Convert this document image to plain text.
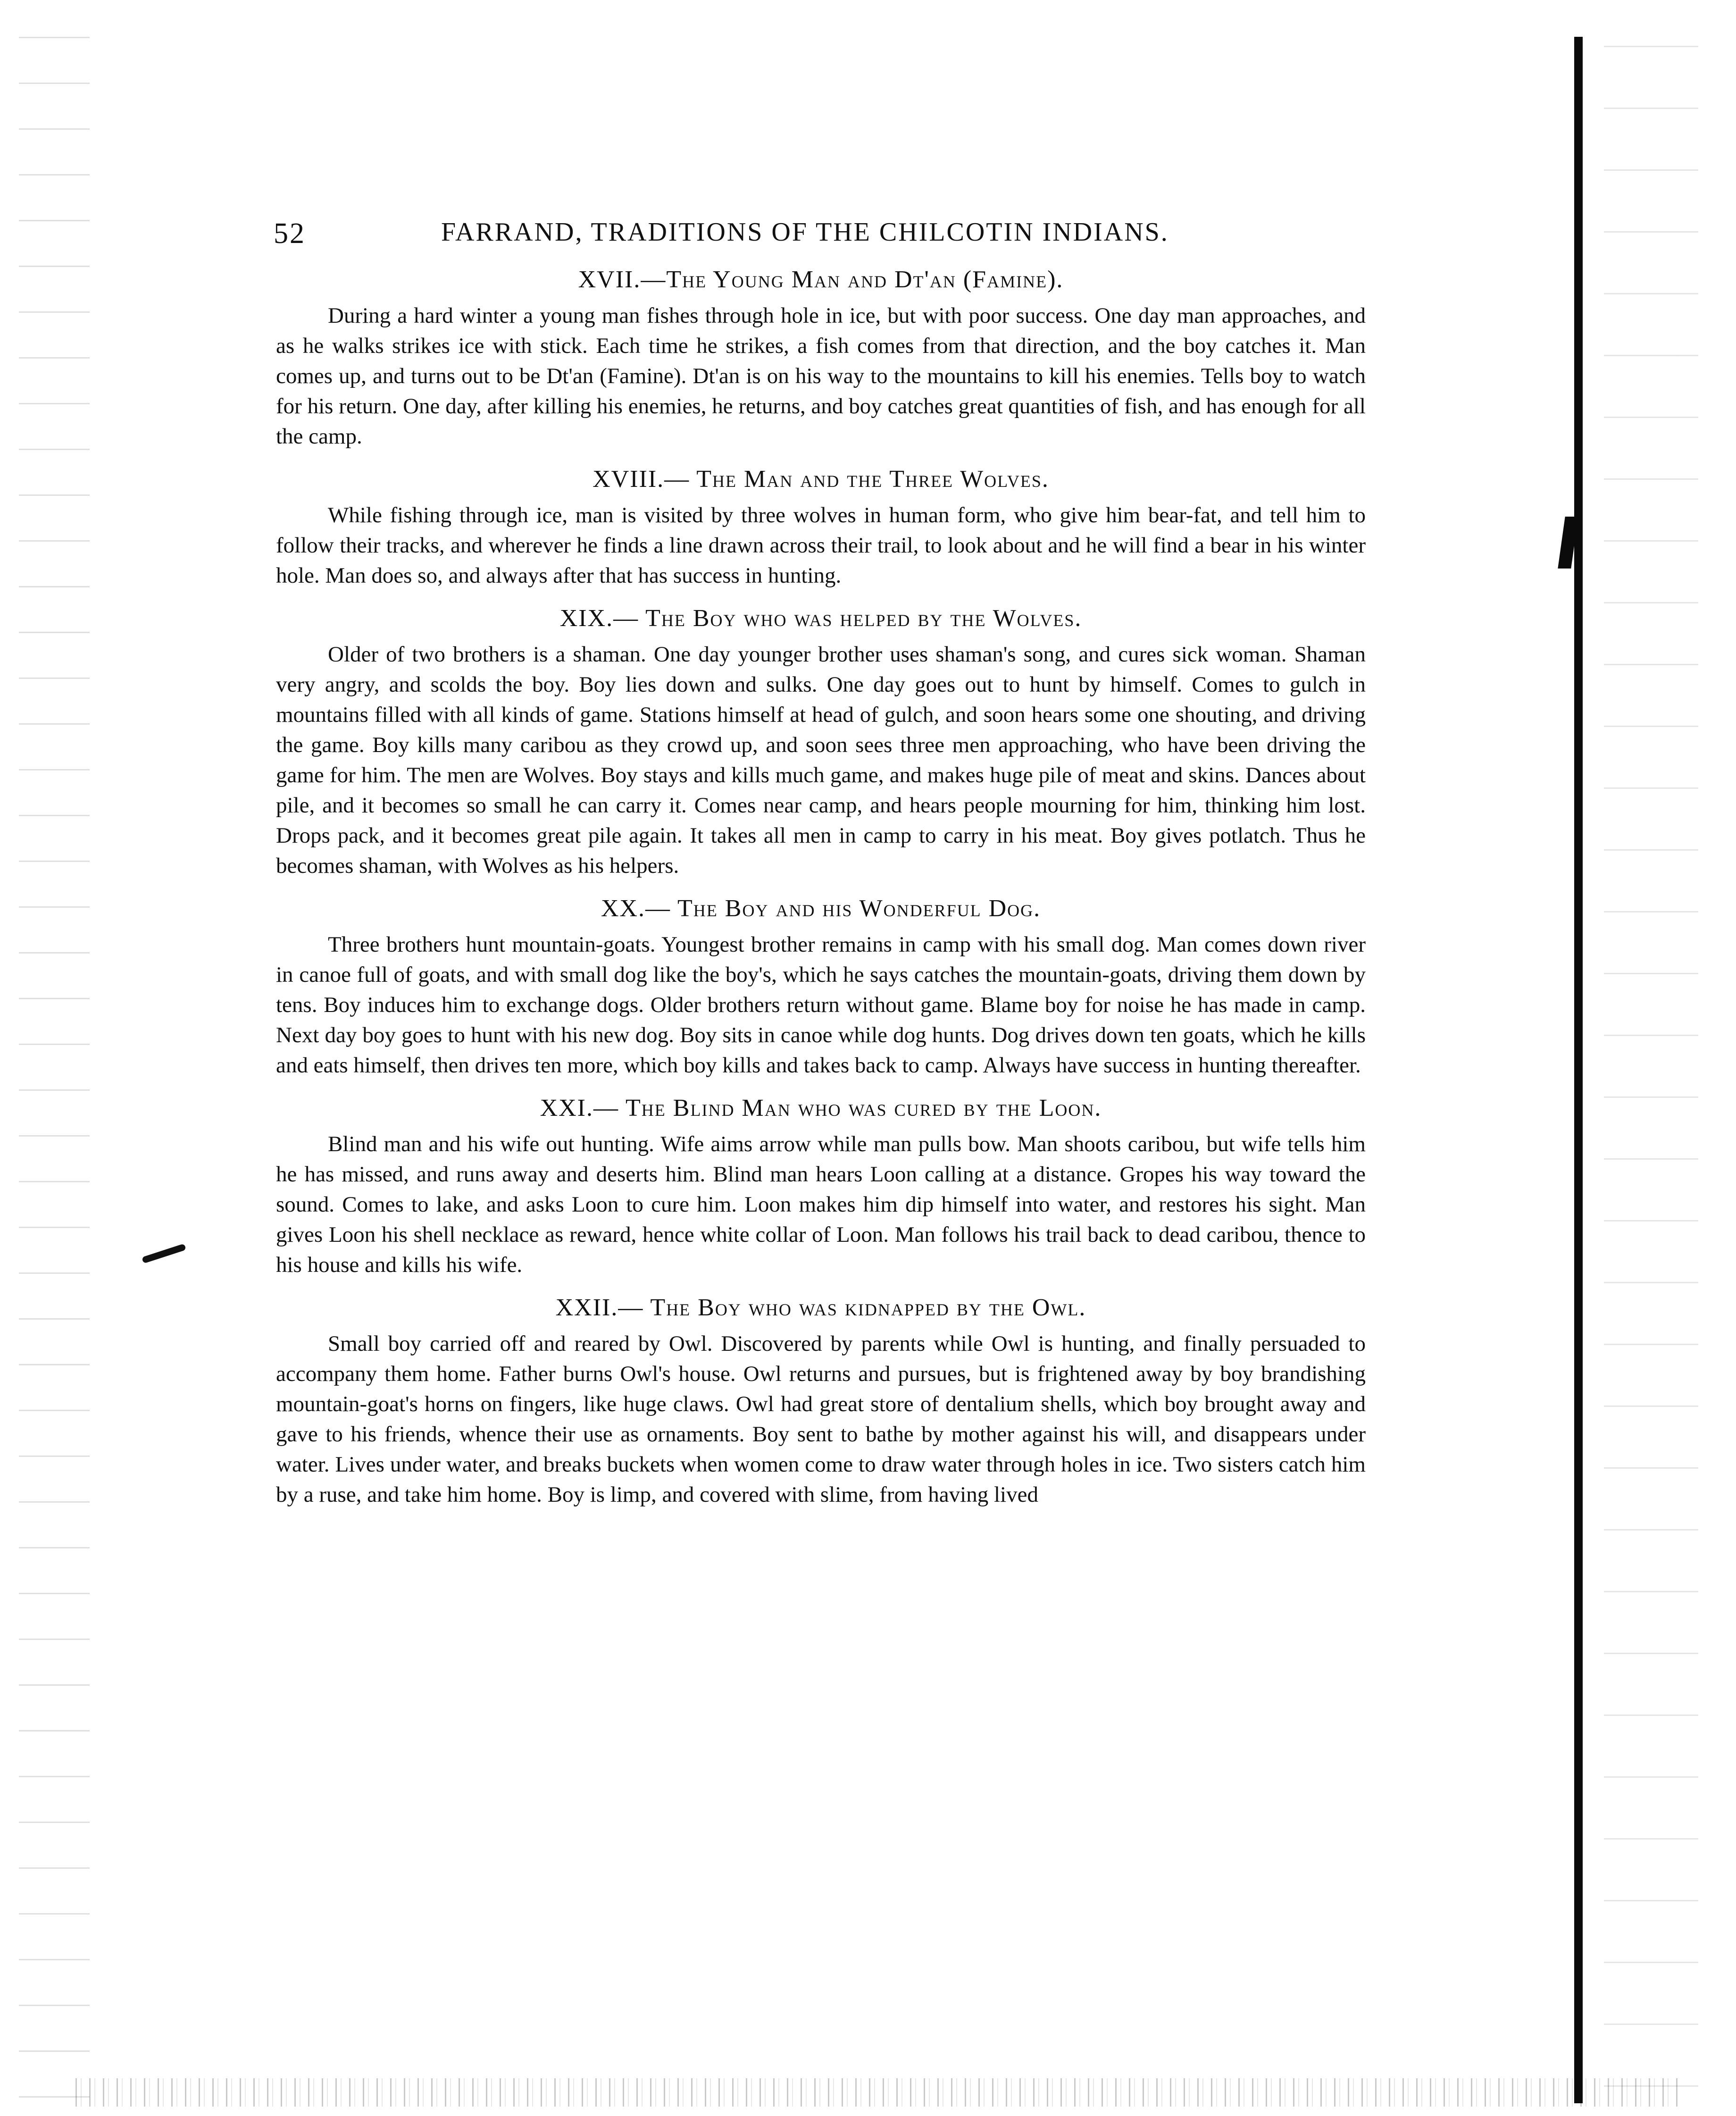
52	FARRAND, TRADITIONS OF THE CHILCOTIN INDIANS.
XVII.—The Young Man and Dt'an (Famine).

During a hard winter a young man fishes through hole in ice, but with poor success. One day man approaches, and as he walks strikes ice with stick. Each time he strikes, a fish comes from that direction, and the boy catches it. Man comes up, and turns out to be Dt'an (Famine). Dt'an is on his way to the mountains to kill his enemies. Tells boy to watch for his return. One day, after killing his enemies, he returns, and boy catches great quantities of fish, and has enough for all the camp.

XVIII.— The Man and the Three Wolves.

While fishing through ice, man is visited by three wolves in human form, who give him bear-fat, and tell him to follow their tracks, and wherever he finds a line drawn across their trail, to look about and he will find a bear in his winter hole. Man does so, and always after that has success in hunting.

XIX.— The Boy who was helped by the Wolves.

Older of two brothers is a shaman. One day younger brother uses shaman's song, and cures sick woman. Shaman very angry, and scolds the boy. Boy lies down and sulks. One day goes out to hunt by himself. Comes to gulch in mountains filled with all kinds of game. Stations himself at head of gulch, and soon hears some one shouting, and driving the game. Boy kills many caribou as they crowd up, and soon sees three men approaching, who have been driving the game for him. The men are Wolves. Boy stays and kills much game, and makes huge pile of meat and skins. Dances about pile, and it becomes so small he can carry it. Comes near camp, and hears people mourning for him, thinking him lost. Drops pack, and it becomes great pile again. It takes all men in camp to carry in his meat. Boy gives potlatch. Thus he becomes shaman, with Wolves as his helpers.

XX.— The Boy and his Wonderful Dog.

Three brothers hunt mountain-goats. Youngest brother remains in camp with his small dog. Man comes down river in canoe full of goats, and with small dog like the boy's, which he says catches the mountain-goats, driving them down by tens. Boy induces him to exchange dogs. Older brothers return without game. Blame boy for noise he has made in camp. Next day boy goes to hunt with his new dog. Boy sits in canoe while dog hunts. Dog drives down ten goats, which he kills and eats himself, then drives ten more, which boy kills and takes back to camp. Always have success in hunting thereafter.

XXI.— The Blind Man who was cured by the Loon.

Blind man and his wife out hunting. Wife aims arrow while man pulls bow. Man shoots caribou, but wife tells him he has missed, and runs away and deserts him. Blind man hears Loon calling at a distance. Gropes his way toward the sound. Comes to lake, and asks Loon to cure him. Loon makes him dip himself into water, and restores his sight. Man gives Loon his shell necklace as reward, hence white collar of Loon. Man follows his trail back to dead caribou, thence to his house and kills his wife.

XXII.— The Boy who was kidnapped by the Owl.

Small boy carried off and reared by Owl. Discovered by parents while Owl is hunting, and finally persuaded to accompany them home. Father burns Owl's house. Owl returns and pursues, but is frightened away by boy brandishing mountain-goat's horns on fingers, like huge claws. Owl had great store of dentalium shells, which boy brought away and gave to his friends, whence their use as ornaments. Boy sent to bathe by mother against his will, and disappears under water. Lives under water, and breaks buckets when women come to draw water through holes in ice. Two sisters catch him by a ruse, and take him home. Boy is limp, and covered with slime, from having lived
